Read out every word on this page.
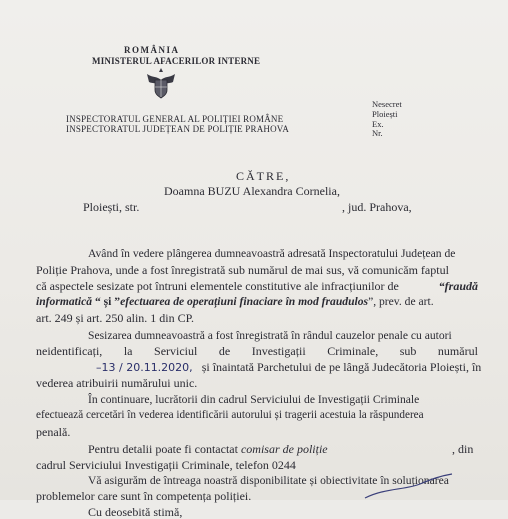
ROMÂNIA
MINISTERUL AFACERILOR INTERNE
INSPECTORATUL GENERAL AL POLIȚIEI ROMÂNE
INSPECTORATUL JUDEȚEAN DE POLIȚIE PRAHOVA
Nesecret
Ploiești
Ex.
Nr.
CĂTRE,
Doamna BUZU Alexandra Cornelia,
Ploiești, str.	, jud. Prahova,
Având în vedere plângerea dumneavoastră adresată Inspectoratului Județean de
Poliție Prahova, unde a fost înregistrată sub numărul de mai sus, vă comunicăm faptul
că aspectele sesizate pot întruni elementele constitutive ale infracțiunilor de	“fraudă
informatică “ și ”efectuarea de operațiuni finaciare în mod fraudulos”, prev. de art.
art. 249 și art. 250 alin. 1 din CP.
Sesizarea dumneavoastră a fost înregistrată în rândul cauzelor penale cu autori
neidentificați, la Serviciul de Investigații Criminale, sub numărul
–13 / 20.11.2020, și înaintată Parchetului de pe lângă Judecătoria Ploiești, în
vederea atribuirii numărului unic.
În continuare, lucrătorii din cadrul Serviciului de Investigații Criminale
efectuează cercetări în vederea identificării autorului și tragerii acestuia la răspunderea
penală.
Pentru detalii poate fi contactat comisar de poliție	, din
cadrul Serviciului Investigații Criminale, telefon 0244
Vă asigurăm de întreaga noastră disponibilitate și obiectivitate în soluționarea
problemelor care sunt în competența poliției.
Cu deosebită stimă,
